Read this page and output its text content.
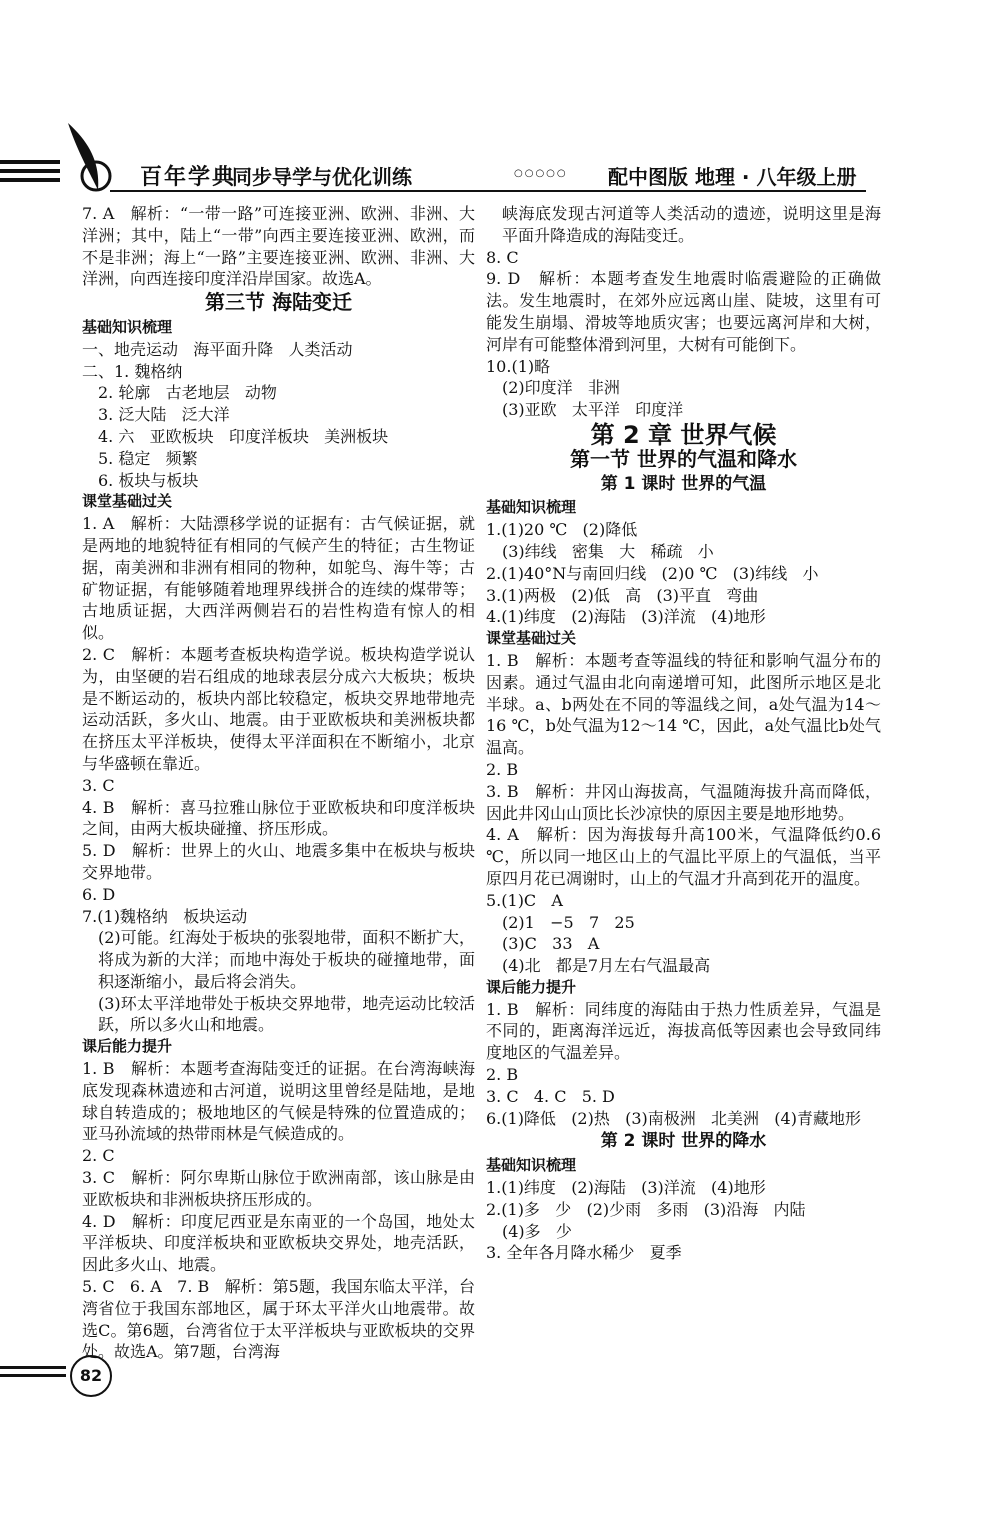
百年学典
同步导学与优化训练	○○○○○ 配中图版 地理 · 八年级上册
7. A   解析：“一带一路”可连接亚洲、欧洲、非洲、大洋洲；其中，陆上“一带”向西主要连接亚洲、欧洲，而不是非洲；海上“一路”主要连接亚洲、欧洲、非洲、大洋洲，向西连接印度洋沿岸国家。故选A。
第三节 海陆变迁
基础知识梳理
一、地壳运动   海平面升降   人类活动
二、1. 魏格纳
2. 轮廓   古老地层   动物
3. 泛大陆   泛大洋
4. 六   亚欧板块   印度洋板块   美洲板块
5. 稳定   频繁
6. 板块与板块
课堂基础过关
1. A   解析：大陆漂移学说的证据有：古气候证据，就是两地的地貌特征有相同的气候产生的特征；古生物证据，南美洲和非洲有相同的物种，如鸵鸟、海牛等；古矿物证据，有能够随着地理界线拼合的连续的煤带等；古地质证据，大西洋两侧岩石的岩性构造有惊人的相似。
2. C   解析：本题考查板块构造学说。板块构造学说认为，由坚硬的岩石组成的地球表层分成六大板块；板块是不断运动的，板块内部比较稳定，板块交界地带地壳运动活跃，多火山、地震。由于亚欧板块和美洲板块都在挤压太平洋板块，使得太平洋面积在不断缩小，北京与华盛顿在靠近。
3. C
4. B   解析：喜马拉雅山脉位于亚欧板块和印度洋板块之间，由两大板块碰撞、挤压形成。
5. D   解析：世界上的火山、地震多集中在板块与板块交界地带。
6. D
7.(1)魏格纳   板块运动
(2)可能。红海处于板块的张裂地带，面积不断扩大，将成为新的大洋；而地中海处于板块的碰撞地带，面积逐渐缩小，最后将会消失。
(3)环太平洋地带处于板块交界地带，地壳运动比较活跃，所以多火山和地震。
课后能力提升
1. B   解析：本题考查海陆变迁的证据。在台湾海峡海底发现森林遗迹和古河道，说明这里曾经是陆地，是地球自转造成的；极地地区的气候是特殊的位置造成的；亚马孙流域的热带雨林是气候造成的。
2. C
3. C   解析：阿尔卑斯山脉位于欧洲南部，该山脉是由亚欧板块和非洲板块挤压形成的。
4. D   解析：印度尼西亚是东南亚的一个岛国，地处太平洋板块、印度洋板块和亚欧板块交界处，地壳活跃，因此多火山、地震。
5. C   6. A   7. B   解析：第5题，我国东临太平洋，台湾省位于我国东部地区，属于环太平洋火山地震带。故选C。第6题，台湾省位于太平洋板块与亚欧板块的交界处。故选A。第7题，台湾海
峡海底发现古河道等人类活动的遗迹，说明这里是海平面升降造成的海陆变迁。
8. C
9. D   解析：本题考查发生地震时临震避险的正确做法。发生地震时，在郊外应远离山崖、陡坡，这里有可能发生崩塌、滑坡等地质灾害；也要远离河岸和大树，河岸有可能整体滑到河里，大树有可能倒下。
10.(1)略
(2)印度洋   非洲
(3)亚欧   太平洋   印度洋
第 2 章 世界气候
第一节 世界的气温和降水
第 1 课时 世界的气温
基础知识梳理
1.(1)20 ℃   (2)降低
(3)纬线   密集   大   稀疏   小
2.(1)40°N与南回归线   (2)0 ℃   (3)纬线   小
3.(1)两极   (2)低   高   (3)平直   弯曲
4.(1)纬度   (2)海陆   (3)洋流   (4)地形
课堂基础过关
1. B   解析：本题考查等温线的特征和影响气温分布的因素。通过气温由北向南递增可知，此图所示地区是北半球。a、b两处在不同的等温线之间，a处气温为14～16 ℃，b处气温为12～14 ℃，因此，a处气温比b处气温高。
2. B
3. B   解析：井冈山海拔高，气温随海拔升高而降低，因此井冈山山顶比长沙凉快的原因主要是地形地势。
4. A   解析：因为海拔每升高100米，气温降低约0.6 ℃，所以同一地区山上的气温比平原上的气温低，当平原四月花已凋谢时，山上的气温才升高到花开的温度。
5.(1)C   A
(2)1   −5   7   25
(3)C   33   A
(4)北   都是7月左右气温最高
课后能力提升
1. B   解析：同纬度的海陆由于热力性质差异，气温是不同的，距离海洋远近，海拔高低等因素也会导致同纬度地区的气温差异。
2. B
3. C   4. C   5. D
6.(1)降低   (2)热   (3)南极洲   北美洲   (4)青藏地形
第 2 课时 世界的降水
基础知识梳理
1.(1)纬度   (2)海陆   (3)洋流   (4)地形
2.(1)多   少   (2)少雨   多雨   (3)沿海   内陆
(4)多   少
3. 全年各月降水稀少   夏季
82
